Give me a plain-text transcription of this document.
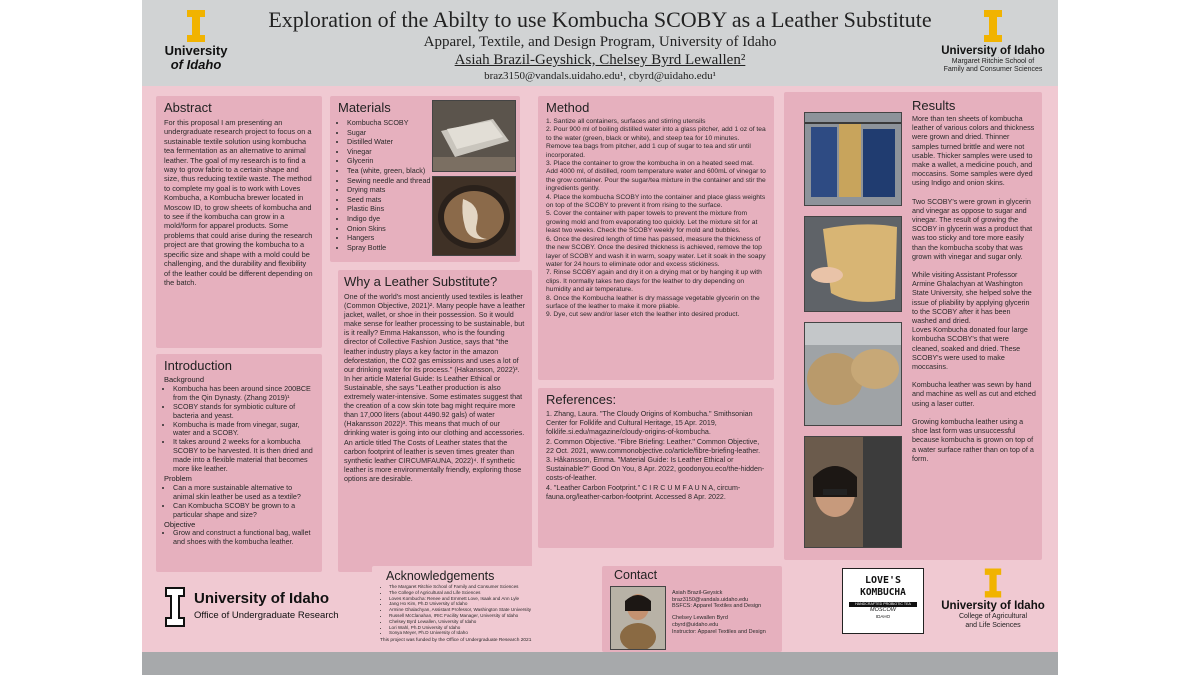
University
of Idaho
Exploration of the Abilty to use Kombucha SCOBY as a Leather Substitute
Apparel, Textile, and Design Program, University of Idaho
Asiah Brazil-Geyshick, Chelsey Byrd Lewallen²
braz3150@vandals.uidaho.edu¹, cbyrd@uidaho.edu¹
University of Idaho
Margaret Ritchie School of
Family and Consumer Sciences
Abstract
For this proposal I am presenting an undergraduate research project to focus on a sustainable textile solution using kombucha tea fermentation as an alternative to animal leather. The goal of my research is to find a way to grow fabric to a certain shape and size, thus reducing textile waste. The method to complete my goal is to work with Loves Kombucha, a Kombucha brewer located in Moscow ID, to grow sheets of kombucha and to see if the kombucha can grow in a mold/form for apparel products. Some problems that could arise during the research project are that growing the kombucha to a specific size and shape with a mold could be challenging, and the durability and flexibility of the leather could be different depending on the batch.
Introduction
Background
• Kombucha has been around since 200BCE from the Qin Dynasty. (Zhang 2019)¹
• SCOBY stands for symbiotic culture of bacteria and yeast.
• Kombucha is made from vinegar, sugar, water and a SCOBY.
• It takes around 2 weeks for a kombucha SCOBY to be harvested. It is then dried and made into a flexible material that becomes more like leather.
Problem
• Can a more sustainable alternative to animal skin leather be used as a textile?
• Can Kombucha SCOBY be grown to a particular shape and size?
Objective
• Grow and construct a functional bag, wallet and shoes with the kombucha leather.
Materials
• Kombucha SCOBY
• Sugar
• Distilled Water
• Vinegar
• Glycerin
• Tea (white, green, black)
• Sewing needle and thread
• Drying mats
• Seed mats
• Plastic Bins
• Indigo dye
• Onion Skins
• Hangers
• Spray Bottle
Why a Leather Substitute?
One of the world's most anciently used textiles is leather (Common Objective, 2021)². Many people have a leather jacket, wallet, or shoe in their possession. So it would make sense for leather processing to be sustainable, but is it really? Emma Hakansson, who is the founding director of Collective Fashion Justice, says that "the leather industry plays a key factor in the amazon deforestation, the CO2 gas emissions and uses a lot of our drinking water for its process." (Hakansson, 2022)³. In her article Material Guide: Is Leather Ethical or Sustainable, she says "Leather production is also extremely water-intensive. Some estimates suggest that the creation of a cow skin tote bag might require more than 17,000 liters (about 4490.92 gals) of water (Hakansson 2022)³. This means that much of our drinking water is going into our clothing and accessories. An article titled The Costs of Leather states that the carbon footprint of leather is seven times greater than synthetic leather CIRCUMFAUNA, 2022)⁴. If synthetic leather is more environmentally friendly, exploring those options are desirable.
Method

1. Santize all containers, surfaces and stirring utensils

2. Pour 900 ml of boiling distilled water into a glass pitcher, add 1 oz of tea to the water (green, black or white), and steep tea for 10 minutes. Remove tea bags from pitcher, add 1 cup of sugar to tea and stir until incorporated.

3. Place the container to grow the kombucha in on a heated seed mat. Add 4000 ml, of distilled, room temperature water and 600mL of vinegar to the grow container. Pour the sugar/tea mixture in the container and stir the ingredients gently.

4. Place the kombucha SCOBY into the container and place glass weights on top of the SCOBY to prevent it from rising to the surface.

5. Cover the container with paper towels to prevent the mixture from growing mold and from evaporating too quickly. Let the mixture sit for at least two weeks. Check the SCOBY weekly for mold and bubbles.

6. Once the desired length of time has passed, measure the thickness of the new SCOBY. Once the desired thickness is achieved, remove the top layer of SCOBY and wash it in warm, soapy water. Let it soak in the soapy water for 24 hours to eliminate odor and excess stickiness.

7. Rinse SCOBY again and dry it on a drying mat or by hanging it up with clips. It normally takes two days for the leather to dry depending on humidity and air temperature.

8. Once the Kombucha leather is dry massage vegetable glycerin on the surface of the leather to make it more pliable.

9. Dye, cut sew and/or laser etch the leather into desired product.

References:

1. Zhang, Laura. "The Cloudy Origins of Kombucha." Smithsonian Center for Folklife and Cultural Heritage, 15 Apr. 2019, folklife.si.edu/magazine/cloudy-origins-of-kombucha.

2. Common Objective. "Fibre Briefing: Leather." Common Objective, 22 Oct. 2021, www.commonobjective.co/article/fibre-briefing-leather.

3. Håkansson, Emma. "Material Guide: Is Leather Ethical or Sustainable?" Good On You, 8 Apr. 2022, goodonyou.eco/the-hidden-costs-of-leather.

4. "Leather Carbon Footprint." C I R C U M F A U N A, circum-fauna.org/leather-carbon-footprint. Accessed 8 Apr. 2022.

Results

More than ten sheets of kombucha leather of various colors and thickness were grown and dried. Thinner samples turned brittle and were not usable. Thicker samples were used to make a wallet, a medicine pouch, and moccasins. Some samples were dyed using Indigo and onion skins.

Two SCOBY's were grown in glycerin and vinegar as oppose to sugar and vinegar. The result of growing the SCOBY in glycerin was a product that was too sticky and tore more easily than the kombucha scoby that was grown with vinegar and sugar only.

While visiting Assistant Professor Armine Ghalachyan at Washington State University, she helped solve the issue of pliability by applying glycerin to the SCOBY after it has been washed and dried.

Loves Kombucha donated four large kombucha SCOBY's that were cleaned, soaked and dried. These SCOBY's were used to make moccasins.

Kombucha leather was sewn by hand and machine as well as cut and etched using a laser cutter.

Growing kombucha leather using a shoe last form was unsuccessful because kombucha is grown on top of a water surface rather than on top of a form.

University of Idaho
Office of Undergraduate Research
Acknowledgements
• The Margaret Ritchie School of Family and Consumer Sciences
• The College of Agricultural and Life Sciences
• Loves Kombucha: Renee and Emmett Love, Isaak and Ann Lyle
• Jang Ho Kim, Ph.D University of Idaho
• Armine Ghalachyan, Assistant Professor, Washington State University
• Russell McClanahan, IRIC Facility Manager, University of Idaho
• Chelsey Byrd Lewallen, University of Idaho
• Lori Wahl, Ph.D University of Idaho
• Sonya Meyer, Ph.D University of Idaho
This project was funded by the Office of Undergraduate Research 2021
Contact
Asiah Brazil-Geysick
braz3150@vandals.uidaho.edu
BSFCS: Apparel Textiles and Design
Chelsey Lewallen Byrd
cbyrd@uidaho.edu
Instructor: Apparel Textiles and Design
LOVE'S
KOMBUCHA
HANDCRAFTED PROBIOTIC TEA
MOSCOW
IDAHO
University of Idaho
College of Agricultural
and Life Sciences
